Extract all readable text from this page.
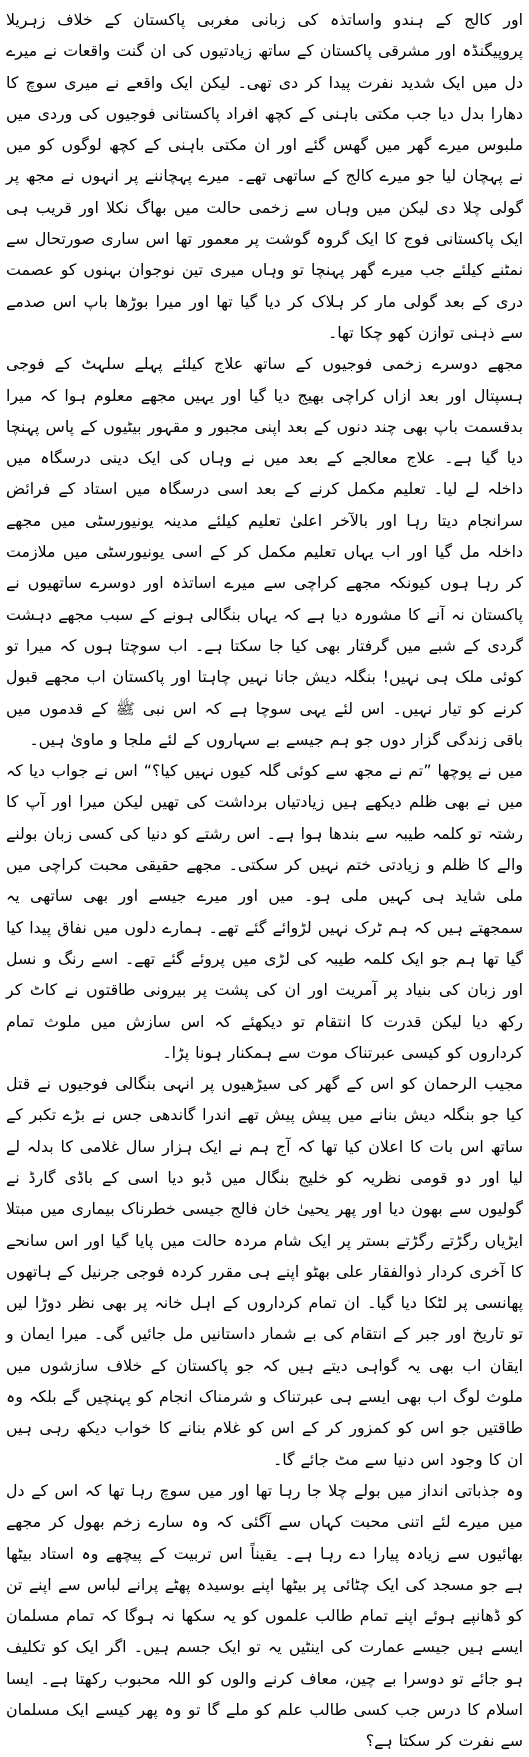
اور کالج کے ہندو واساتذہ کی زبانی مغربی پاکستان کے خلاف زہریلا پروپیگنڈہ اور مشرقی پاکستان کے ساتھ زیادتیوں کی ان گنت واقعات نے میرے دل میں ایک شدید نفرت پیدا کر دی تھی۔ لیکن ایک واقعے نے میری سوچ کا دھارا بدل دیا جب مکتی باہنی کے کچھ افراد پاکستانی فوجیوں کی وردی میں ملبوس میرے گھر میں گھس گئے اور ان مکتی باہنی کے کچھ لوگوں کو میں نے پہچان لیا جو میرے کالج کے ساتھی تھے۔ میرے پہچاننے پر انہوں نے مجھ پر گولی چلا دی لیکن میں وہاں سے زخمی حالت میں بھاگ نکلا اور قریب ہی ایک پاکستانی فوج کا ایک گروہ گوشت پر معمور تھا اس ساری صورتحال سے نمٹنے کیلئے جب میرے گھر پہنچا تو وہاں میری تین نوجوان بہنوں کو عصمت دری کے بعد گولی مار کر ہلاک کر دیا گیا تھا اور میرا بوڑھا باپ اس صدمے سے ذہنی توازن کھو چکا تھا۔

مجھے دوسرے زخمی فوجیوں کے ساتھ علاج کیلئے پہلے سلہٹ کے فوجی ہسپتال اور بعد ازاں کراچی بھیج دیا گیا اور یہیں مجھے معلوم ہوا کہ میرا بدقسمت باپ بھی چند دنوں کے بعد اپنی مجبور و مقہور بیٹیوں کے پاس پہنچا دیا گیا ہے۔ علاج معالجے کے بعد میں نے وہاں کی ایک دینی درسگاہ میں داخلہ لے لیا۔ تعلیم مکمل کرنے کے بعد اسی درسگاہ میں استاد کے فرائض سرانجام دیتا رہا اور بالآخر اعلیٰ تعلیم کیلئے مدینہ یونیورسٹی میں مجھے داخلہ مل گیا اور اب یہاں تعلیم مکمل کر کے اسی یونیورسٹی میں ملازمت کر رہا ہوں کیونکہ مجھے کراچی سے میرے اساتذہ اور دوسرے ساتھیوں نے پاکستان نہ آنے کا مشورہ دیا ہے کہ یہاں بنگالی ہونے کے سبب مجھے دہشت گردی کے شبے میں گرفتار بھی کیا جا سکتا ہے۔ اب سوچتا ہوں کہ میرا تو کوئی ملک ہی نہیں! بنگلہ دیش جانا نہیں چاہتا اور پاکستان اب مجھے قبول کرنے کو تیار نہیں۔ اس لئے یہی سوچا ہے کہ اس نبی ﷺ کے قدموں میں باقی زندگی گزار دوں جو ہم جیسے بے سہاروں کے لئے ملجا و ماویٰ ہیں۔

میں نے پوچھا ”تم نے مجھ سے کوئی گلہ کیوں نہیں کیا؟“ اس نے جواب دیا کہ میں نے بھی ظلم دیکھے ہیں زیادتیاں برداشت کی تھیں لیکن میرا اور آپ کا رشتہ تو کلمہ طیبہ سے بندھا ہوا ہے۔ اس رشتے کو دنیا کی کسی زبان بولنے والے کا ظلم و زیادتی ختم نہیں کر سکتی۔ مجھے حقیقی محبت کراچی میں ملی شاید ہی کہیں ملی ہو۔ میں اور میرے جیسے اور بھی ساتھی یہ سمجھتے ہیں کہ ہم ٹرک نہیں لڑوائے گئے تھے۔ ہمارے دلوں میں نفاق پیدا کیا گیا تھا ہم جو ایک کلمہ طیبہ کی لڑی میں پروئے گئے تھے۔ اسے رنگ و نسل اور زبان کی بنیاد پر آمریت اور ان کی پشت پر بیرونی طاقتوں نے کاٹ کر رکھ دیا لیکن قدرت کا انتقام تو دیکھئے کہ اس سازش میں ملوث تمام کرداروں کو کیسی عبرتناک موت سے ہمکنار ہونا پڑا۔

مجیب الرحمان کو اس کے گھر کی سیڑھیوں پر انہی بنگالی فوجیوں نے قتل کیا جو بنگلہ دیش بنانے میں پیش پیش تھے اندرا گاندھی جس نے بڑے تکبر کے ساتھ اس بات کا اعلان کیا تھا کہ آج ہم نے ایک ہزار سال غلامی کا بدلہ لے لیا اور دو قومی نظریہ کو خلیج بنگال میں ڈبو دیا اسی کے باڈی گارڈ نے گولیوں سے بھون دیا اور پھر یحییٰ خان فالج جیسی خطرناک بیماری میں مبتلا ایڑیاں رگڑتے رگڑتے بستر پر ایک شام مردہ حالت میں پایا گیا اور اس سانحے کا آخری کردار ذوالفقار علی بھٹو اپنے ہی مقرر کردہ فوجی جرنیل کے ہاتھوں پھانسی پر لٹکا دیا گیا۔ ان تمام کرداروں کے اہل خانہ پر بھی نظر دوڑا لیں تو تاریخ اور جبر کے انتقام کی بے شمار داستانیں مل جائیں گی۔ میرا ایمان و ایقان اب بھی یہ گواہی دیتے ہیں کہ جو پاکستان کے خلاف سازشوں میں ملوث لوگ اب بھی ایسے ہی عبرتناک و شرمناک انجام کو پہنچیں گے بلکہ وہ طاقتیں جو اس کو کمزور کر کے اس کو غلام بنانے کا خواب دیکھ رہی ہیں ان کا وجود اس دنیا سے مٹ جائے گا۔

وہ جذباتی انداز میں بولے چلا جا رہا تھا اور میں سوچ رہا تھا کہ اس کے دل میں میرے لئے اتنی محبت کہاں سے آگئی کہ وہ سارے زخم بھول کر مجھے بھائیوں سے زیادہ پیارا دے رہا ہے۔ یقیناً اس تربیت کے پیچھے وہ استاد بیٹھا ہے جو مسجد کی ایک چٹائی پر بیٹھا اپنے بوسیدہ پھٹے پرانے لباس سے اپنے تن کو ڈھانپے ہوئے اپنے تمام طالب علموں کو یہ سکھا نہ ہوگا کہ تمام مسلمان ایسے ہیں جیسے عمارت کی اینٹیں یہ تو ایک جسم ہیں۔ اگر ایک کو تکلیف ہو جائے تو دوسرا بے چین، معاف کرنے والوں کو اللہ محبوب رکھتا ہے۔ ایسا اسلام کا درس جب کسی طالب علم کو ملے گا تو وہ پھر کیسے ایک مسلمان سے نفرت کر سکتا ہے؟
